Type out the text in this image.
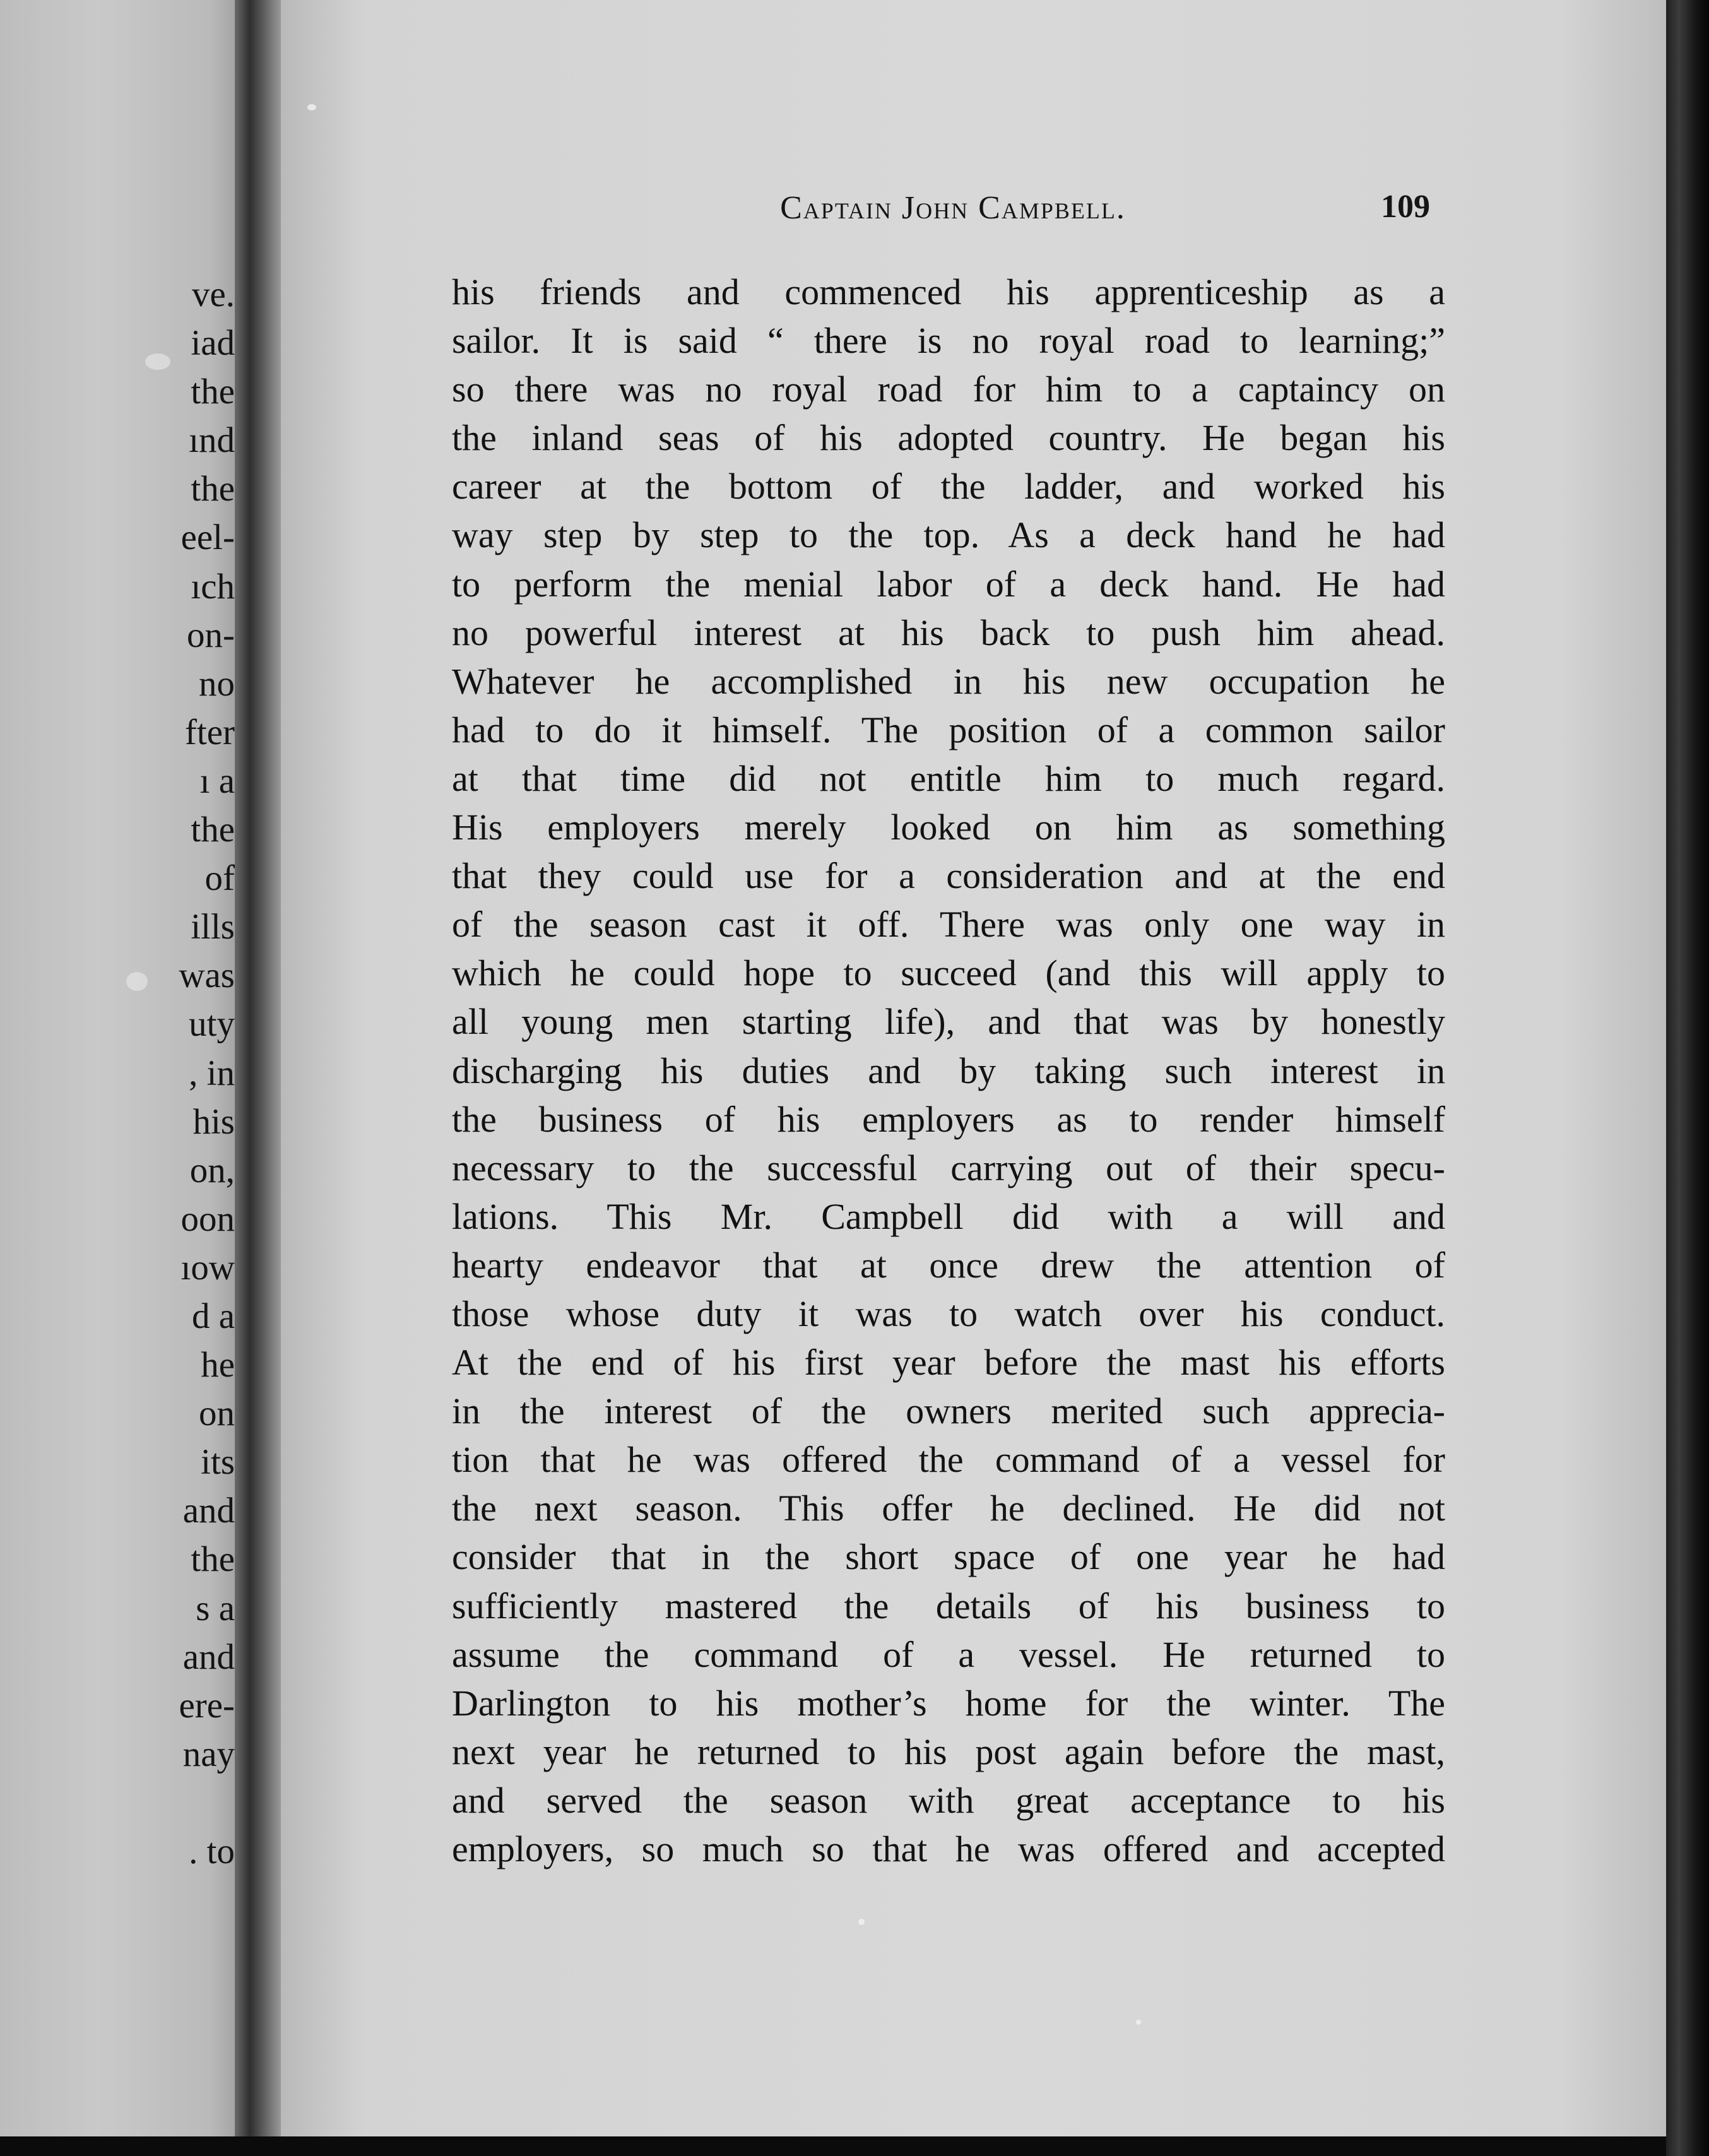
ve.
iad
the
ınd
the
eel-
ıch
on-
no
fter
ı a
the
of
ills
was
uty
, in
his
on,
oon
ıow
d a
he
on
its
and
the
s a
and
ere-
nay
. to
Captain John Campbell.	109
his friends and commenced his apprenticeship as a
sailor. It is said “ there is no royal road to learning;”
so there was no royal road for him to a captaincy on
the inland seas of his adopted country. He began his
career at the bottom of the ladder, and worked his
way step by step to the top. As a deck hand he had
to perform the menial labor of a deck hand. He had
no powerful interest at his back to push him ahead.
Whatever he accomplished in his new occupation he
had to do it himself. The position of a common sailor
at that time did not entitle him to much regard.
His employers merely looked on him as something
that they could use for a consideration and at the end
of the season cast it off. There was only one way in
which he could hope to succeed (and this will apply to
all young men starting life), and that was by honestly
discharging his duties and by taking such interest in
the business of his employers as to render himself
necessary to the successful carrying out of their specu-
lations. This Mr. Campbell did with a will and
hearty endeavor that at once drew the attention of
those whose duty it was to watch over his conduct.
At the end of his first year before the mast his efforts
in the interest of the owners merited such apprecia-
tion that he was offered the command of a vessel for
the next season. This offer he declined. He did not
consider that in the short space of one year he had
sufficiently mastered the details of his business to
assume the command of a vessel. He returned to
Darlington to his mother’s home for the winter. The
next year he returned to his post again before the mast,
and served the season with great acceptance to his
employers, so much so that he was offered and accepted
